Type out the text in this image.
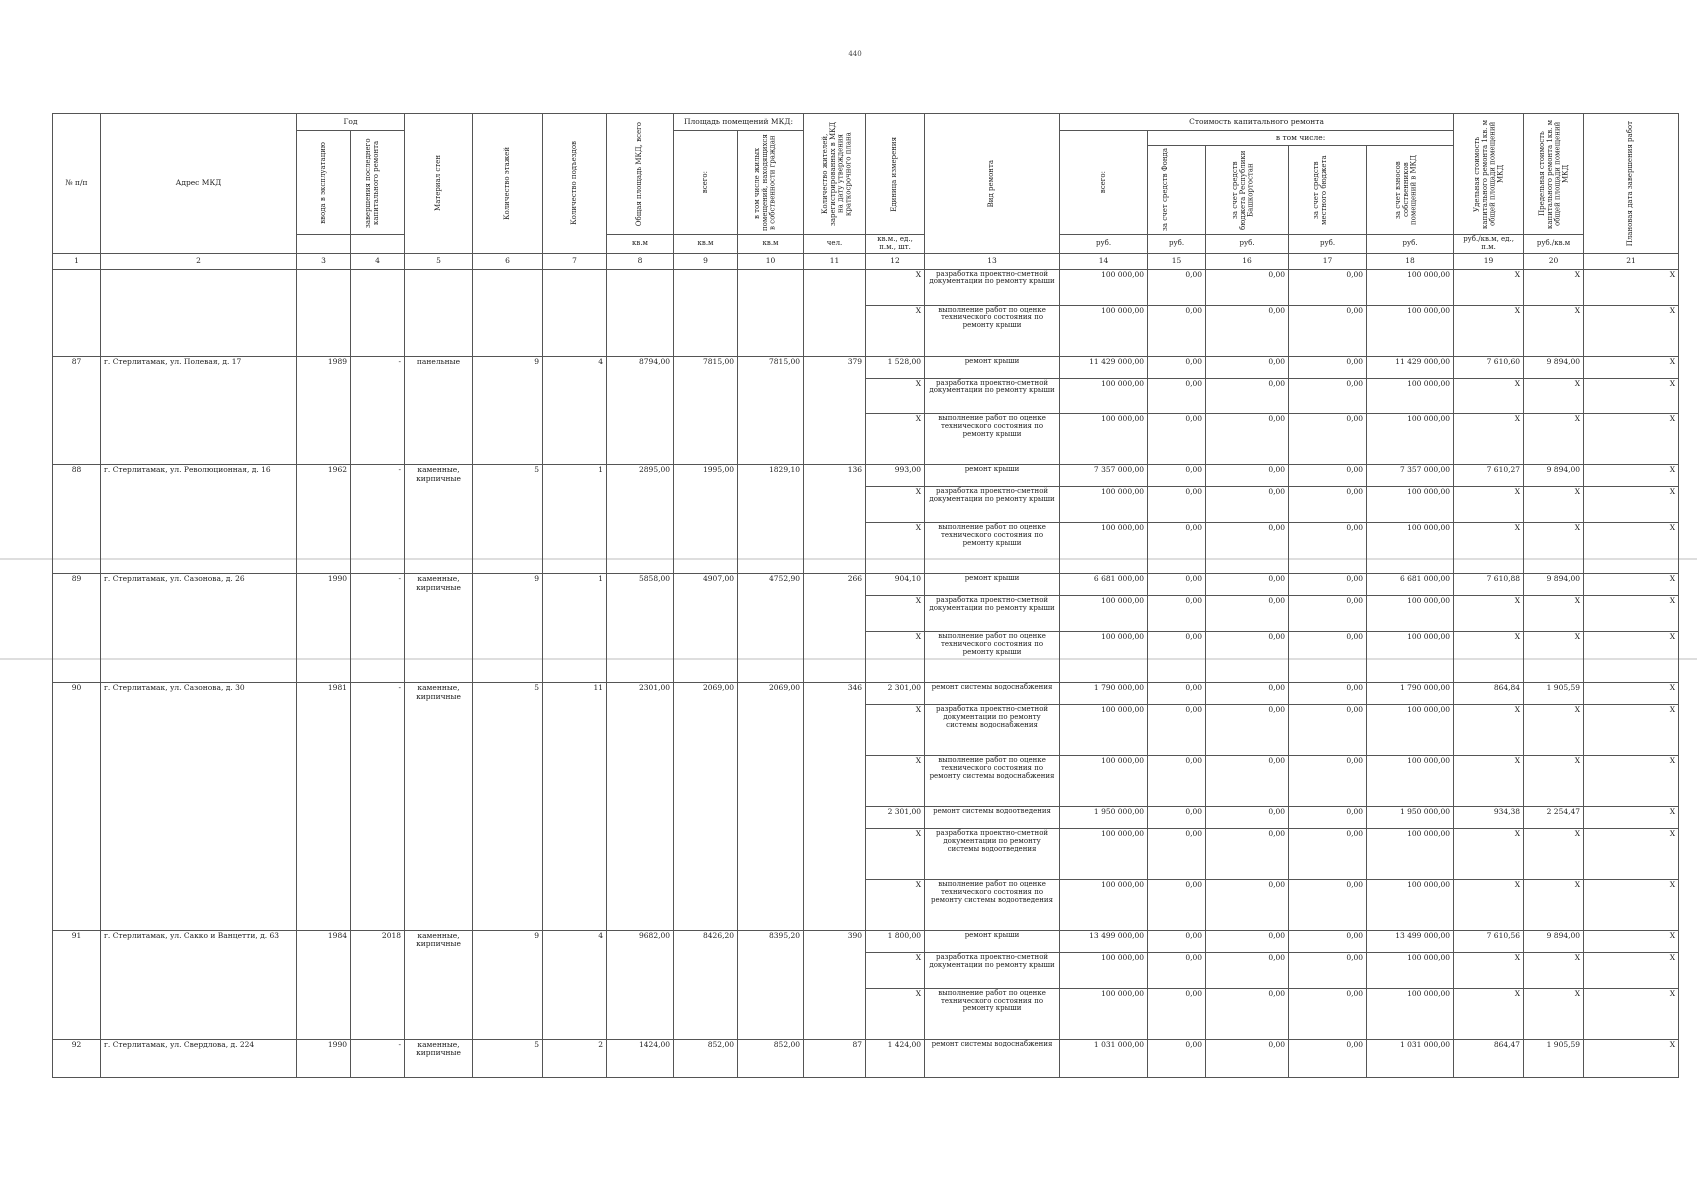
440
№ п/п	Адрес МКД	Год		Материал стен	Количество этажей	Количество подъездов	Общая площадь МКД, всего	Площадь помещений МКД:		Количество жителей, зарегистрированных в МКД на дату утверждения краткосрочного плана	Единица измерения	Вид ремонта	Стоимость капитального ремонта					Удельная стоимость капитального ремонта 1кв. м общей площади помещений МКД	Предельная стоимость капитального ремонта 1кв. м общей площади помещений МКД	Плановая дата завершения работ

		ввода в эксплуатацию	завершения последнего капитального ремонта					всего:	в том числе жилых помещений, находящихся в собственности граждан				всего:	в том числе:						

														за счет средств Фонда	за счет средств бюджета Республики Башкортостан	за счет средств местного бюджета	за счет взносов собственников помещений в МКД			

							кв.м	кв.м	кв.м	чел.	кв.м., ед., п.м., шт.		руб.	руб.	руб.	руб.	руб.	руб./кв.м, ед., п.м.	руб./кв.м	
1	2	3	4	5	6	7	8	9	10	11	12	13	14	15	16	17	18	19	20	21
											X	разработка проектно-сметной документации по ремонту крыши	100 000,00	0,00	0,00	0,00	100 000,00	X	X	X
											X	выполнение работ по оценке технического состояния по ремонту крыши	100 000,00	0,00	0,00	0,00	100 000,00	X	X	X
87	г. Стерлитамак, ул. Полевая, д. 17	1989	-	панельные	9	4	8794,00	7815,00	7815,00	379	1 528,00	ремонт крыши	11 429 000,00	0,00	0,00	0,00	11 429 000,00	7 610,60	9 894,00	X
											X	разработка проектно-сметной документации по ремонту крыши	100 000,00	0,00	0,00	0,00	100 000,00	X	X	X
											X	выполнение работ по оценке технического состояния по ремонту крыши	100 000,00	0,00	0,00	0,00	100 000,00	X	X	X
88	г. Стерлитамак, ул. Революционная, д. 16	1962	-	каменные, кирпичные	5	1	2895,00	1995,00	1829,10	136	993,00	ремонт крыши	7 357 000,00	0,00	0,00	0,00	7 357 000,00	7 610,27	9 894,00	X
											X	разработка проектно-сметной документации по ремонту крыши	100 000,00	0,00	0,00	0,00	100 000,00	X	X	X
											X	выполнение работ по оценке технического состояния по ремонту крыши	100 000,00	0,00	0,00	0,00	100 000,00	X	X	X
89	г. Стерлитамак, ул. Сазонова, д. 26	1990	-	каменные, кирпичные	9	1	5858,00	4907,00	4752,90	266	904,10	ремонт крыши	6 681 000,00	0,00	0,00	0,00	6 681 000,00	7 610,88	9 894,00	X
											X	разработка проектно-сметной документации по ремонту крыши	100 000,00	0,00	0,00	0,00	100 000,00	X	X	X
											X	выполнение работ по оценке технического состояния по ремонту крыши	100 000,00	0,00	0,00	0,00	100 000,00	X	X	X
90	г. Стерлитамак, ул. Сазонова, д. 30	1981	-	каменные, кирпичные	5	11	2301,00	2069,00	2069,00	346	2 301,00	ремонт системы водоснабжения	1 790 000,00	0,00	0,00	0,00	1 790 000,00	864,84	1 905,59	X
											X	разработка проектно-сметной документации по ремонту системы водоснабжения	100 000,00	0,00	0,00	0,00	100 000,00	X	X	X
											X	выполнение работ по оценке технического состояния по ремонту системы водоснабжения	100 000,00	0,00	0,00	0,00	100 000,00	X	X	X
											2 301,00	ремонт системы водоотведения	1 950 000,00	0,00	0,00	0,00	1 950 000,00	934,38	2 254,47	X
											X	разработка проектно-сметной документации по ремонту системы водоотведения	100 000,00	0,00	0,00	0,00	100 000,00	X	X	X
											X	выполнение работ по оценке технического состояния по ремонту системы водоотведения	100 000,00	0,00	0,00	0,00	100 000,00	X	X	X
91	г. Стерлитамак, ул. Сакко и Ванцетти, д. 63	1984	2018	каменные, кирпичные	9	4	9682,00	8426,20	8395,20	390	1 800,00	ремонт крыши	13 499 000,00	0,00	0,00	0,00	13 499 000,00	7 610,56	9 894,00	X
											X	разработка проектно-сметной документации по ремонту крыши	100 000,00	0,00	0,00	0,00	100 000,00	X	X	X
											X	выполнение работ по оценке технического состояния по ремонту крыши	100 000,00	0,00	0,00	0,00	100 000,00	X	X	X
92	г. Стерлитамак, ул. Свердлова, д. 224	1990	-	каменные, кирпичные	5	2	1424,00	852,00	852,00	87	1 424,00	ремонт системы водоснабжения	1 031 000,00	0,00	0,00	0,00	1 031 000,00	864,47	1 905,59	X
